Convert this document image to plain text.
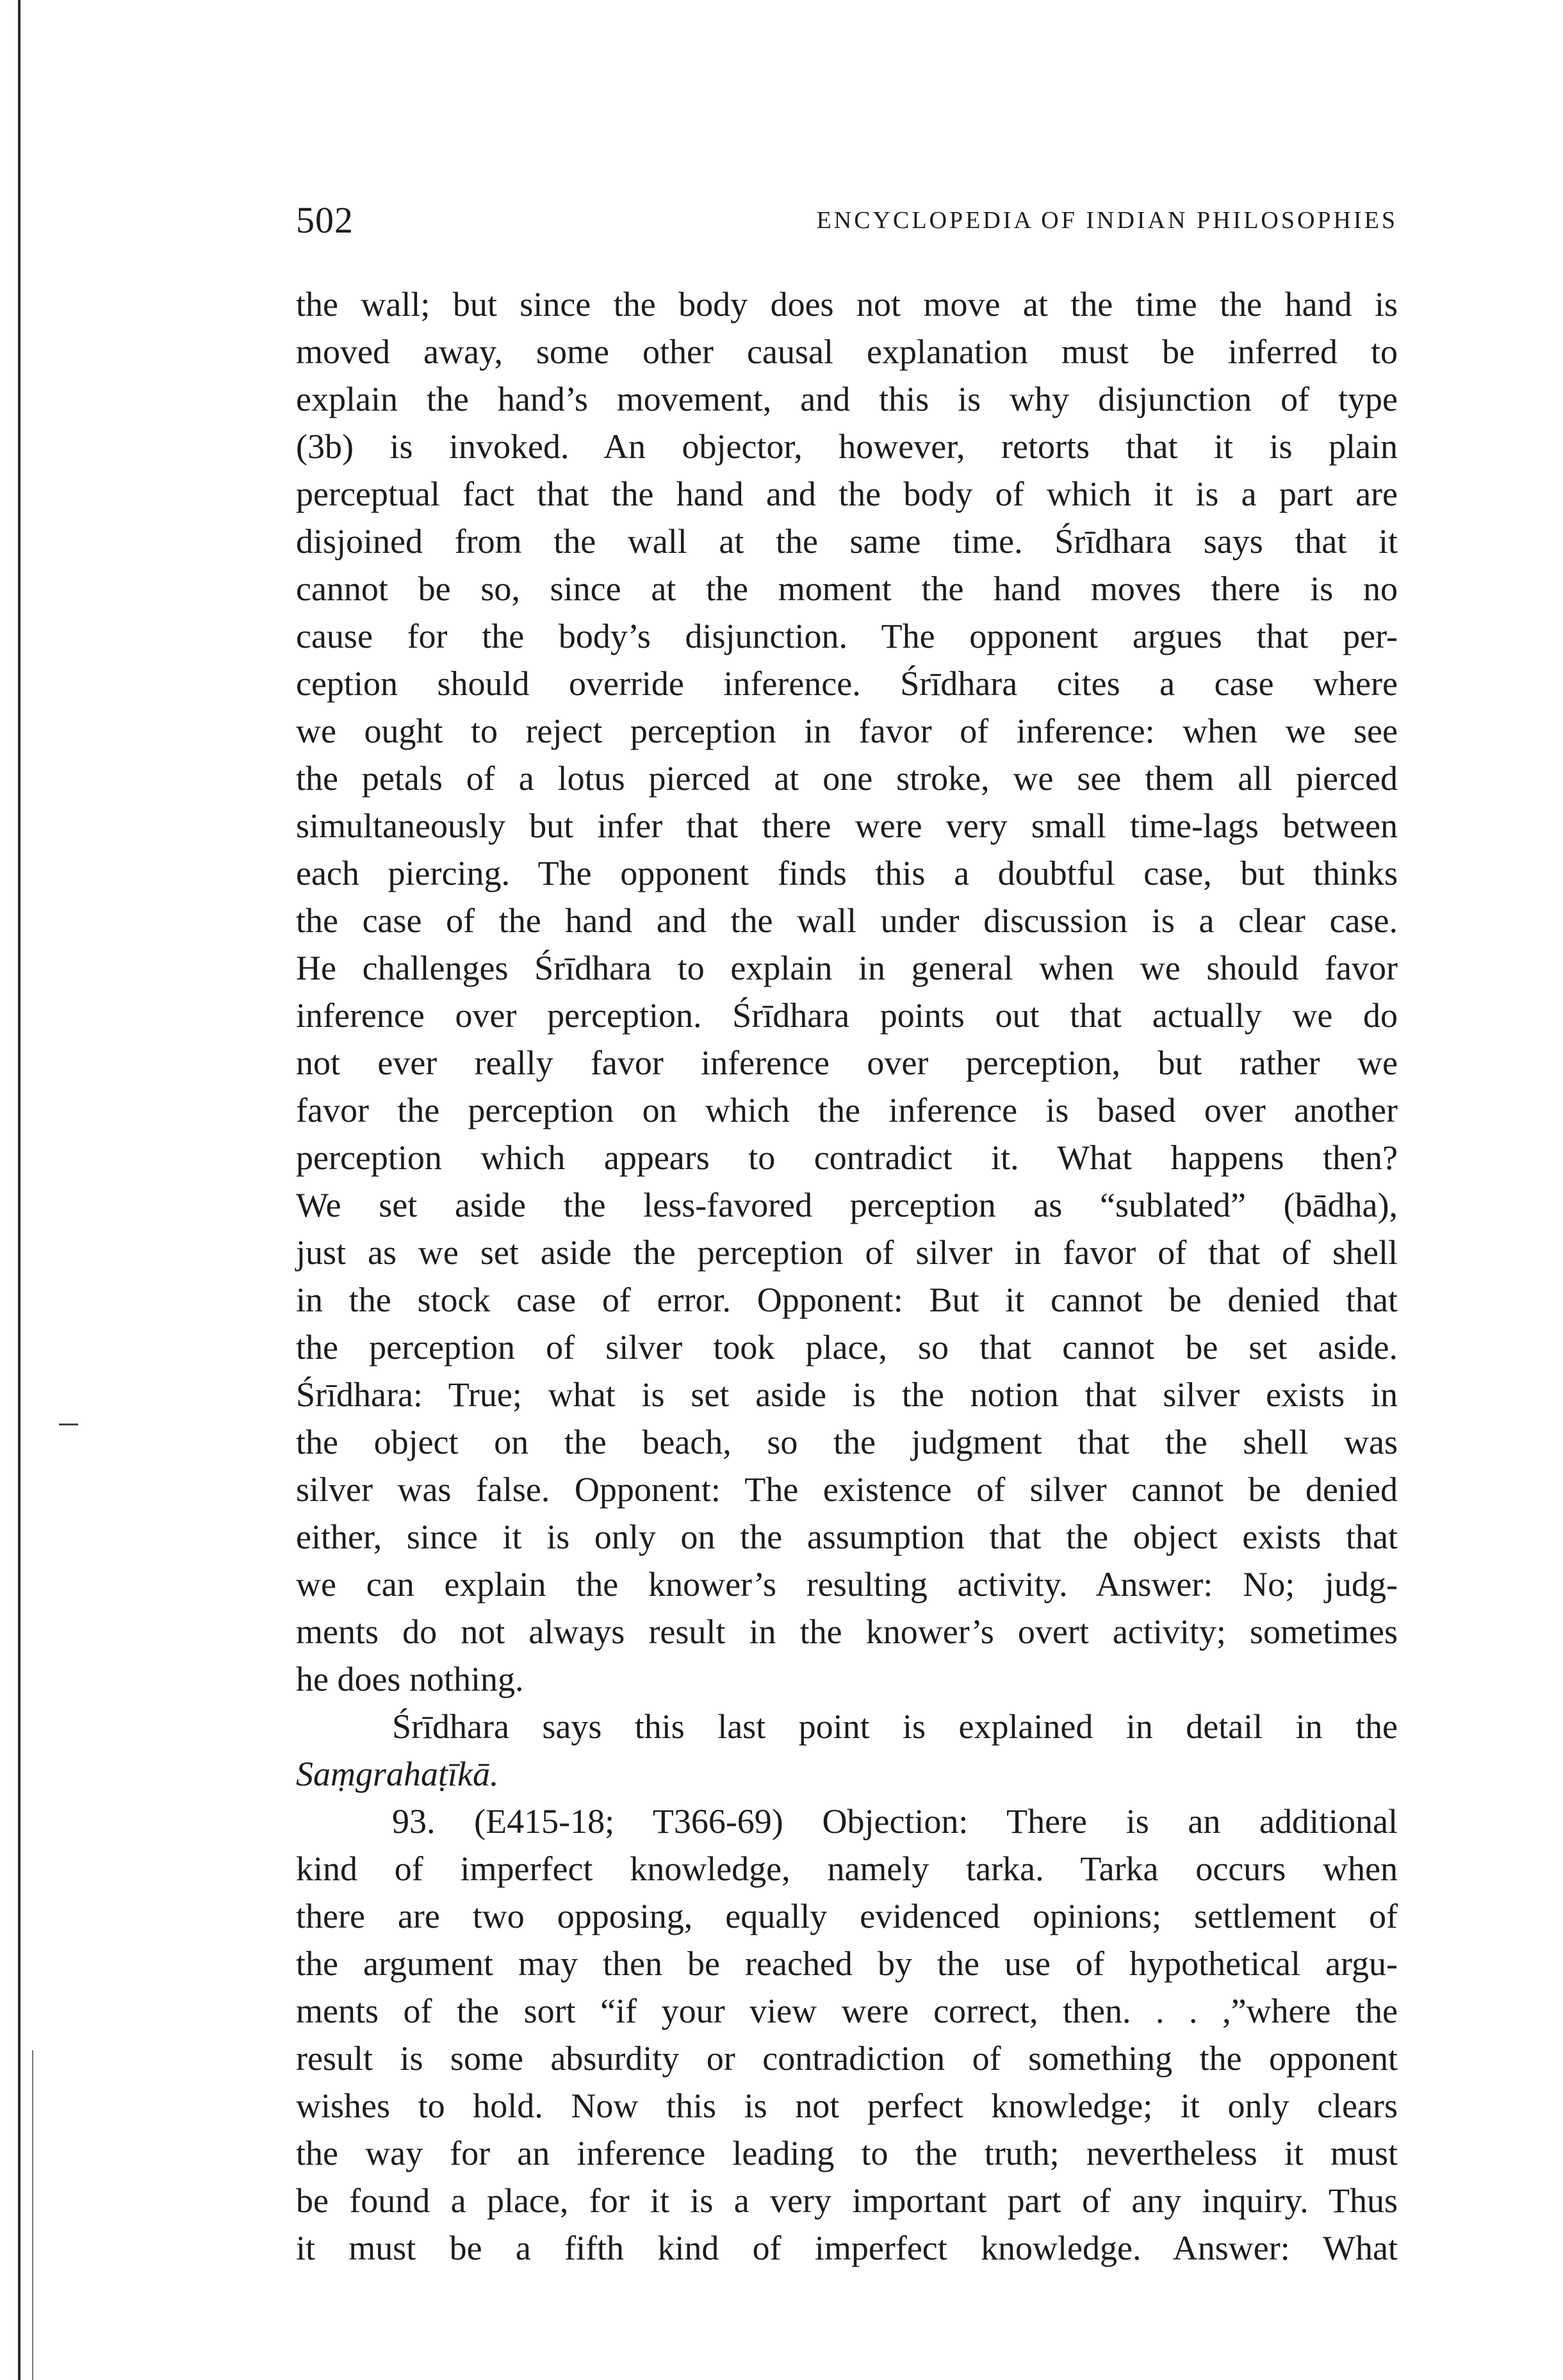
502	ENCYCLOPEDIA OF INDIAN PHILOSOPHIES
the wall; but since the body does not move at the time the hand is
moved away, some other causal explanation must be inferred to
explain the hand’s movement, and this is why disjunction of type
(3b) is invoked. An objector, however, retorts that it is plain
perceptual fact that the hand and the body of which it is a part are
disjoined from the wall at the same time. Śrīdhara says that it
cannot be so, since at the moment the hand moves there is no
cause for the body’s disjunction. The opponent argues that per-
ception should override inference. Śrīdhara cites a case where
we ought to reject perception in favor of inference: when we see
the petals of a lotus pierced at one stroke, we see them all pierced
simultaneously but infer that there were very small time-lags between
each piercing. The opponent finds this a doubtful case, but thinks
the case of the hand and the wall under discussion is a clear case.
He challenges Śrīdhara to explain in general when we should favor
inference over perception. Śrīdhara points out that actually we do
not ever really favor inference over perception, but rather we
favor the perception on which the inference is based over another
perception which appears to contradict it. What happens then?
We set aside the less-favored perception as “sublated” (bādha),
just as we set aside the perception of silver in favor of that of shell
in the stock case of error. Opponent: But it cannot be denied that
the perception of silver took place, so that cannot be set aside.
Śrīdhara: True; what is set aside is the notion that silver exists in
the object on the beach, so the judgment that the shell was
silver was false. Opponent: The existence of silver cannot be denied
either, since it is only on the assumption that the object exists that
we can explain the knower’s resulting activity. Answer: No; judg-
ments do not always result in the knower’s overt activity; sometimes
he does nothing.
Śrīdhara says this last point is explained in detail in the
Saṃgrahaṭīkā.
93. (E415-18; T366-69) Objection: There is an additional
kind of imperfect knowledge, namely tarka. Tarka occurs when
there are two opposing, equally evidenced opinions; settlement of
the argument may then be reached by the use of hypothetical argu-
ments of the sort “if your view were correct, then. . . ,”where the
result is some absurdity or contradiction of something the opponent
wishes to hold. Now this is not perfect knowledge; it only clears
the way for an inference leading to the truth; nevertheless it must
be found a place, for it is a very important part of any inquiry. Thus
it must be a fifth kind of imperfect knowledge. Answer: What
